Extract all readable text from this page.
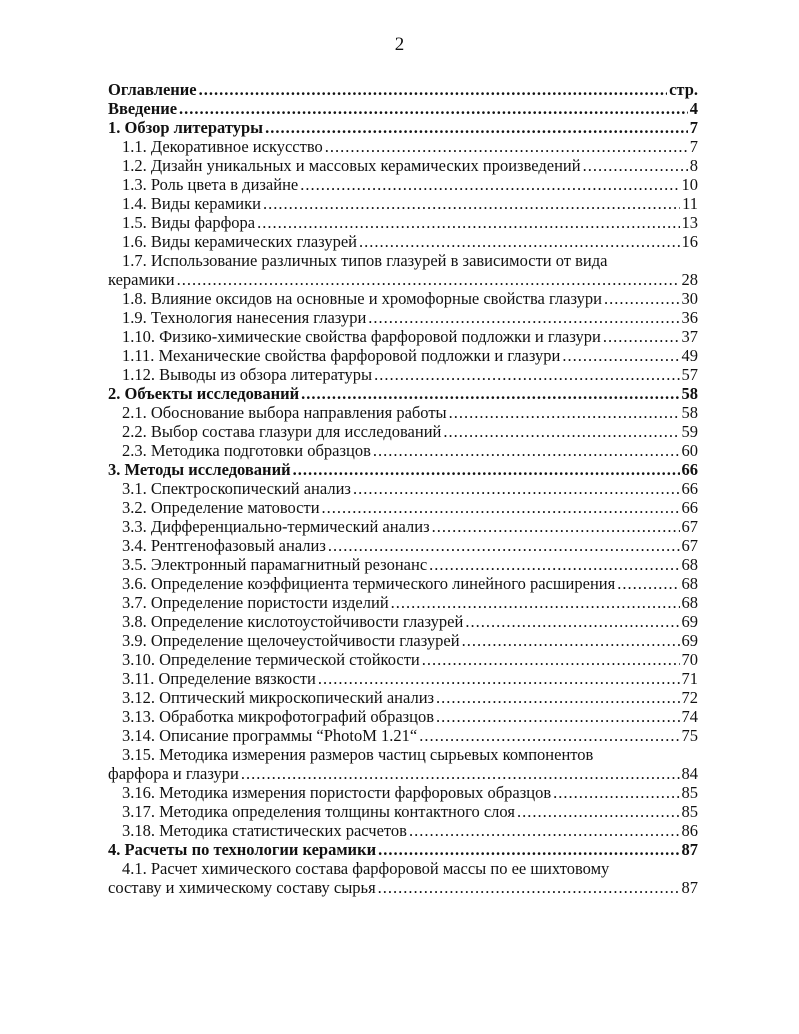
2
Оглавление .....	стр.
Введение .....	4
1. Обзор литературы .....	7
1.1. Декоративное искусство .....	7
1.2. Дизайн уникальных и массовых керамических произведений .....	8
1.3. Роль цвета в дизайне .....	10
1.4. Виды керамики .....	11
1.5. Виды фарфора .....	13
1.6. Виды керамических глазурей .....	16
1.7. Использование различных типов глазурей в зависимости от вида
керамики .....	28
1.8. Влияние оксидов на основные и хромофорные свойства глазури .....	30
1.9. Технология нанесения глазури .....	36
1.10. Физико-химические свойства фарфоровой подложки и глазури .....	37
1.11. Механические свойства фарфоровой подложки и глазури .....	49
1.12. Выводы из обзора литературы .....	57
2. Объекты исследований .....	58
2.1. Обоснование выбора направления работы .....	58
2.2. Выбор состава глазури для исследований .....	59
2.3. Методика подготовки образцов .....	60
3. Методы исследований .....	66
3.1. Спектроскопический анализ .....	66
3.2. Определение матовости .....	66
3.3. Дифференциально-термический анализ .....	67
3.4. Рентгенофазовый анализ .....	67
3.5. Электронный парамагнитный резонанс .....	68
3.6. Определение коэффициента термического линейного расширения .....	68
3.7. Определение пористости изделий .....	68
3.8. Определение кислотоустойчивости глазурей .....	69
3.9. Определение щелочеустойчивости глазурей .....	69
3.10. Определение термической стойкости .....	70
3.11. Определение вязкости .....	71
3.12. Оптический микроскопический анализ .....	72
3.13. Обработка микрофотографий образцов .....	74
3.14. Описание программы “PhotoM 1.21“ .....	75
3.15. Методика измерения размеров частиц сырьевых компонентов
фарфора и глазури .....	84
3.16. Методика измерения пористости фарфоровых образцов .....	85
3.17. Методика определения толщины контактного слоя .....	85
3.18. Методика статистических расчетов .....	86
4. Расчеты по технологии керамики .....	87
4.1. Расчет химического состава фарфоровой массы по ее шихтовому
составу и химическому составу сырья .....	87
